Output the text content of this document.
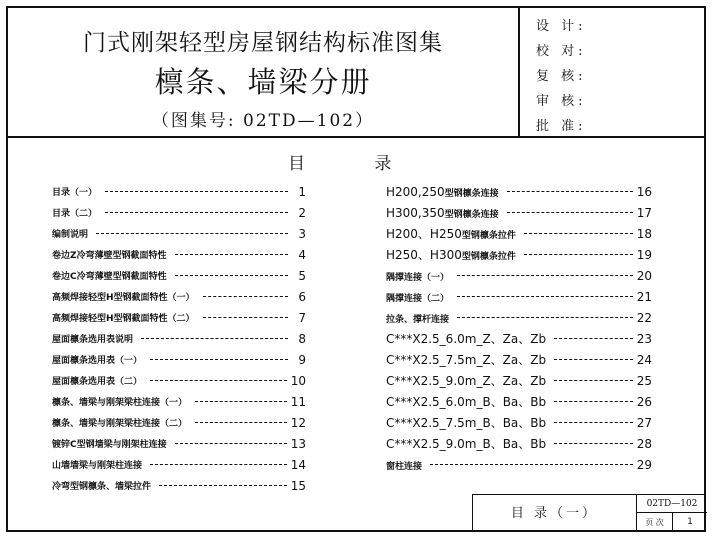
门式刚架轻型房屋钢结构标准图集
檩条、墙梁分册
（图集号: 02TD—102）
设 计:
校 对:
复 核:
审 核:
批 准:
目 录
目录（一）	1
目录（二）	2
编制说明	3
卷边Z冷弯薄壁型钢截面特性	4
卷边C冷弯薄壁型钢截面特性	5
高频焊接轻型H型钢截面特性（一）	6
高频焊接轻型H型钢截面特性（二）	7
屋面檩条选用表说明	8
屋面檩条选用表（一）	9
屋面檩条选用表（二）	10
檩条、墙梁与刚架梁柱连接（一）	11
檩条、墙梁与刚架梁柱连接（二）	12
镀锌C型钢墙梁与刚架柱连接	13
山墙墙梁与刚架柱连接	14
冷弯型钢檩条、墙梁拉件	15
H200,250型钢檩条连接	16
H300,350型钢檩条连接	17
H200、H250型钢檩条拉件	18
H250、H300型钢檩条拉件	19
隅撑连接（一）	20
隅撑连接（二）	21
拉条、撑杆连接	22
C***X2.5_6.0m_Z、Za、Zb	23
C***X2.5_7.5m_Z、Za、Zb	24
C***X2.5_9.0m_Z、Za、Zb	25
C***X2.5_6.0m_B、Ba、Bb	26
C***X2.5_7.5m_B、Ba、Bb	27
C***X2.5_9.0m_B、Ba、Bb	28
窗柱连接	29
目 录（一）
02TD—102
页 次	1
